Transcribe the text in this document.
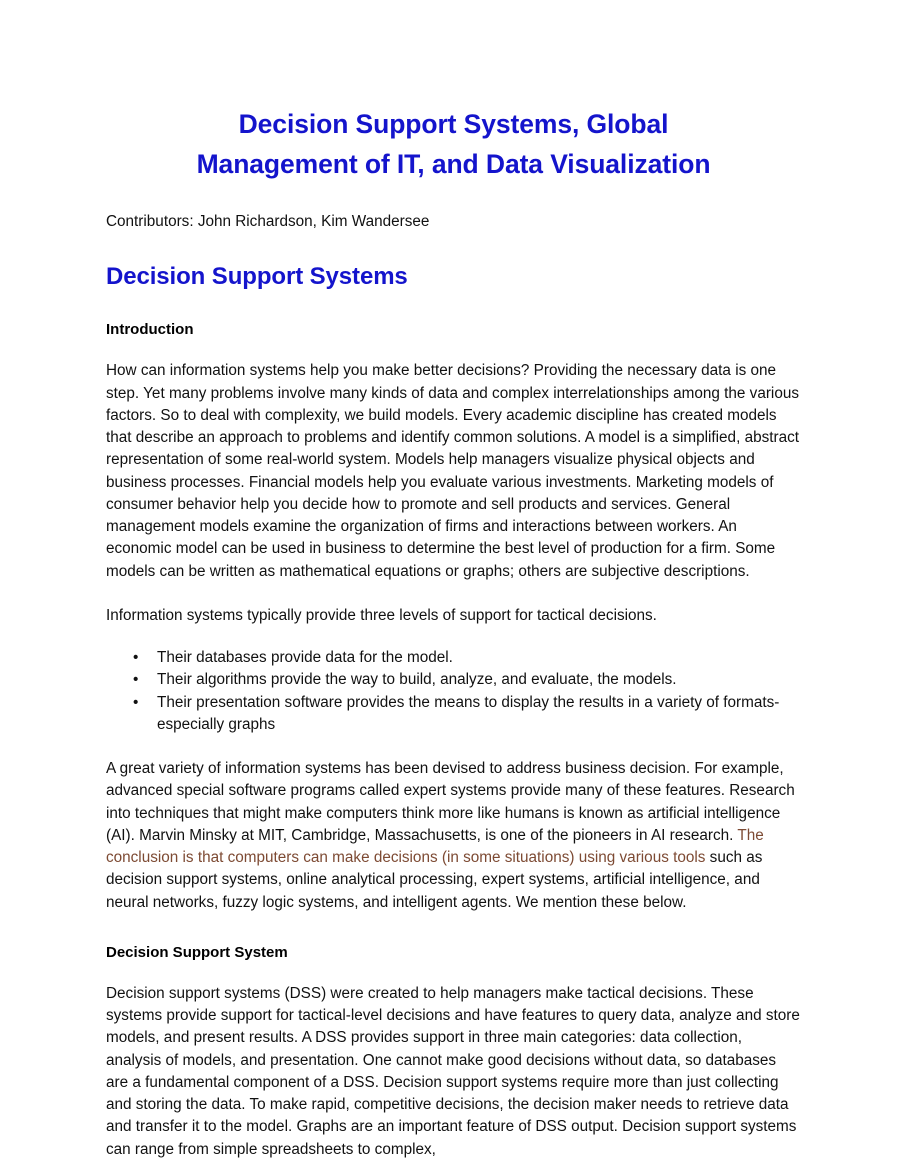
Decision Support Systems, Global
Management of IT, and Data Visualization

Contributors: John Richardson, Kim Wandersee

Decision Support Systems
Introduction

How can information systems help you make better decisions? Providing the necessary data is one step. Yet many problems involve many kinds of data and complex interrelationships among the various factors. So to deal with complexity, we build models. Every academic discipline has created models that describe an approach to problems and identify common solutions. A model is a simplified, abstract representation of some real-world system. Models help managers visualize physical objects and business processes. Financial models help you evaluate various investments. Marketing models of consumer behavior help you decide how to promote and sell products and services. General management models examine the organization of firms and interactions between workers. An economic model can be used in business to determine the best level of production for a firm. Some models can be written as mathematical equations or graphs; others are subjective descriptions.

Information systems typically provide three levels of support for tactical decisions.

• Their databases provide data for the model.
• Their algorithms provide the way to build, analyze, and evaluate, the models.
• Their presentation software provides the means to display the results in a variety of formats-especially graphs

A great variety of information systems has been devised to address business decision. For example, advanced special software programs called expert systems provide many of these features. Research into techniques that might make computers think more like humans is known as artificial intelligence (AI). Marvin Minsky at MIT, Cambridge, Massachusetts, is one of the pioneers in AI research. The conclusion is that computers can make decisions (in some situations) using various tools such as decision support systems, online analytical processing, expert systems, artificial intelligence, and neural networks, fuzzy logic systems, and intelligent agents. We mention these below.

Decision Support System

Decision support systems (DSS) were created to help managers make tactical decisions. These systems provide support for tactical-level decisions and have features to query data, analyze and store models, and present results. A DSS provides support in three main categories: data collection, analysis of models, and presentation. One cannot make good decisions without data, so databases are a fundamental component of a DSS. Decision support systems require more than just collecting and storing the data. To make rapid, competitive decisions, the decision maker needs to retrieve data and transfer it to the model. Graphs are an important feature of DSS output. Decision support systems can range from simple spreadsheets to complex,
